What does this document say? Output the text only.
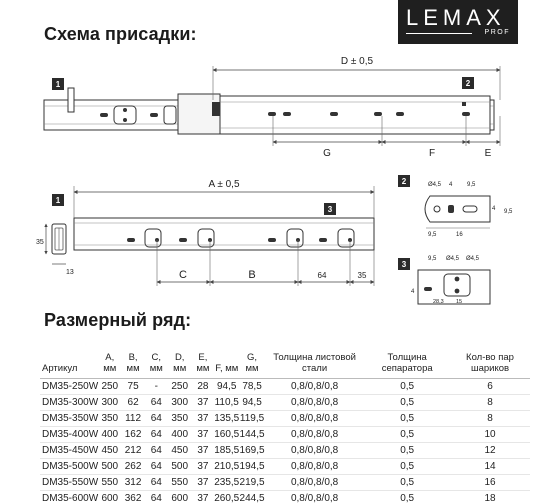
Схема присадки:
LEMAX
PROF
D ± 0,5
G	F	E
A ± 0,5
C	B	64	35
35
13
Ø4,5 4 9,5
4 9,5
9,5	16
9,5 Ø4,5 Ø4,5
4
28,3 15
1	2
1
3
2
3
Размерный ряд:
Артикул	A, мм	B, мм	C, мм	D, мм	E, мм	F, мм	G, мм	Толщина листовой стали	Толщина сепаратора	Кол-во пар шариков
DM35-250W	250	75	-	250	28	94,5	78,5	0,8/0,8/0,8	0,5	6
DM35-300W	300	62	64	300	37	110,5	94,5	0,8/0,8/0,8	0,5	8
DM35-350W	350	112	64	350	37	135,5	119,5	0,8/0,8/0,8	0,5	8
DM35-400W	400	162	64	400	37	160,5	144,5	0,8/0,8/0,8	0,5	10
DM35-450W	450	212	64	450	37	185,5	169,5	0,8/0,8/0,8	0,5	12
DM35-500W	500	262	64	500	37	210,5	194,5	0,8/0,8/0,8	0,5	14
DM35-550W	550	312	64	550	37	235,5	219,5	0,8/0,8/0,8	0,5	16
DM35-600W	600	362	64	600	37	260,5	244,5	0,8/0,8/0,8	0,5	18
